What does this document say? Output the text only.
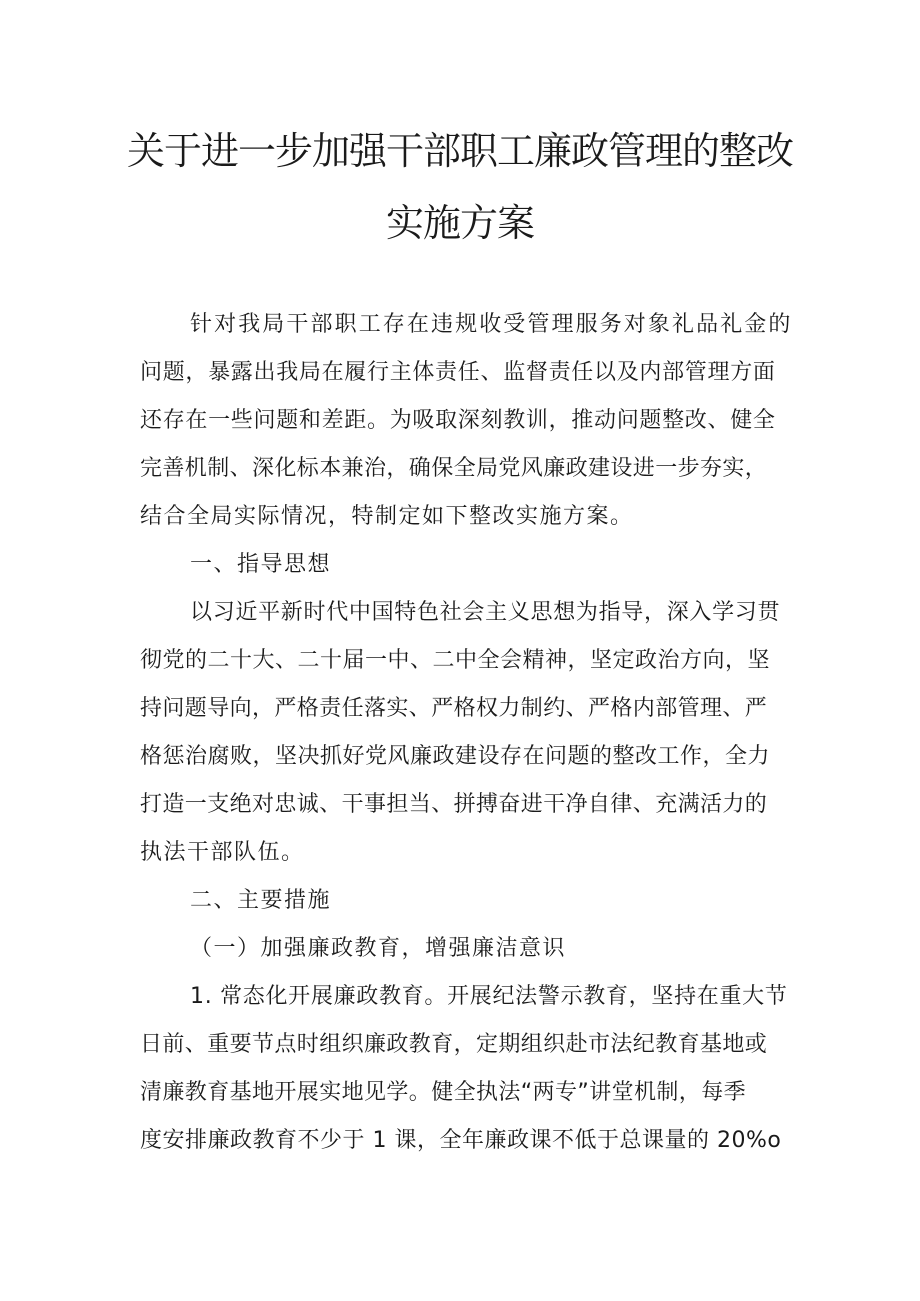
关于进一步加强干部职工廉政管理的整改
实施方案
针对我局干部职工存在违规收受管理服务对象礼品礼金的
问题，暴露出我局在履行主体责任、监督责任以及内部管理方面
还存在一些问题和差距。为吸取深刻教训，推动问题整改、健全
完善机制、深化标本兼治，确保全局党风廉政建设进一步夯实，
结合全局实际情况，特制定如下整改实施方案。
一、指导思想
以习近平新时代中国特色社会主义思想为指导，深入学习贯
彻党的二十大、二十届一中、二中全会精神，坚定政治方向，坚
持问题导向，严格责任落实、严格权力制约、严格内部管理、严
格惩治腐败，坚决抓好党风廉政建设存在问题的整改工作，全力
打造一支绝对忠诚、干事担当、拼搏奋进干净自律、充满活力的
执法干部队伍。
二、主要措施
（一）加强廉政教育，增强廉洁意识
1. 常态化开展廉政教育。开展纪法警示教育，坚持在重大节
日前、重要节点时组织廉政教育，定期组织赴市法纪教育基地或
清廉教育基地开展实地见学。健全执法“两专”讲堂机制，每季
度安排廉政教育不少于 1 课，全年廉政课不低于总课量的 20%o
